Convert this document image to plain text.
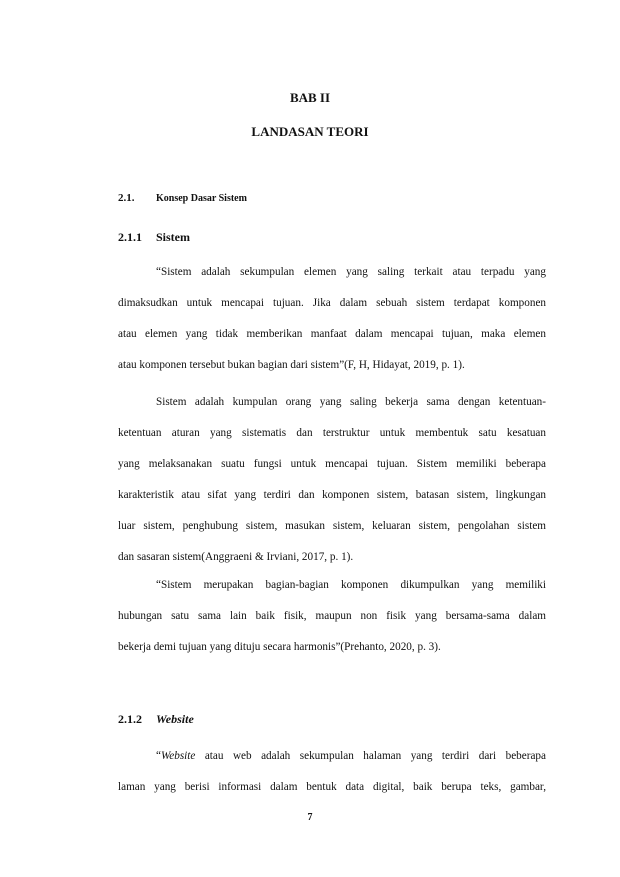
BAB II
LANDASAN TEORI
2.1. Konsep Dasar Sistem
2.1.1 Sistem
“Sistem adalah sekumpulan elemen yang saling terkait atau terpadu yang
dimaksudkan untuk mencapai tujuan. Jika dalam sebuah sistem terdapat komponen
atau elemen yang tidak memberikan manfaat dalam mencapai tujuan, maka elemen
atau komponen tersebut bukan bagian dari sistem”(F, H, Hidayat, 2019, p. 1).
Sistem adalah kumpulan orang yang saling bekerja sama dengan ketentuan-
ketentuan aturan yang sistematis dan terstruktur untuk membentuk satu kesatuan
yang melaksanakan suatu fungsi untuk mencapai tujuan. Sistem memiliki beberapa
karakteristik atau sifat yang terdiri dan komponen sistem, batasan sistem, lingkungan
luar sistem, penghubung sistem, masukan sistem, keluaran sistem, pengolahan sistem
dan sasaran sistem(Anggraeni & Irviani, 2017, p. 1).
“Sistem merupakan bagian-bagian komponen dikumpulkan yang memiliki
hubungan satu sama lain baik fisik, maupun non fisik yang bersama-sama dalam
bekerja demi tujuan yang dituju secara harmonis”(Prehanto, 2020, p. 3).
2.1.2 Website
“Website atau web adalah sekumpulan halaman yang terdiri dari beberapa
laman yang berisi informasi dalam bentuk data digital, baik berupa teks, gambar,
7
